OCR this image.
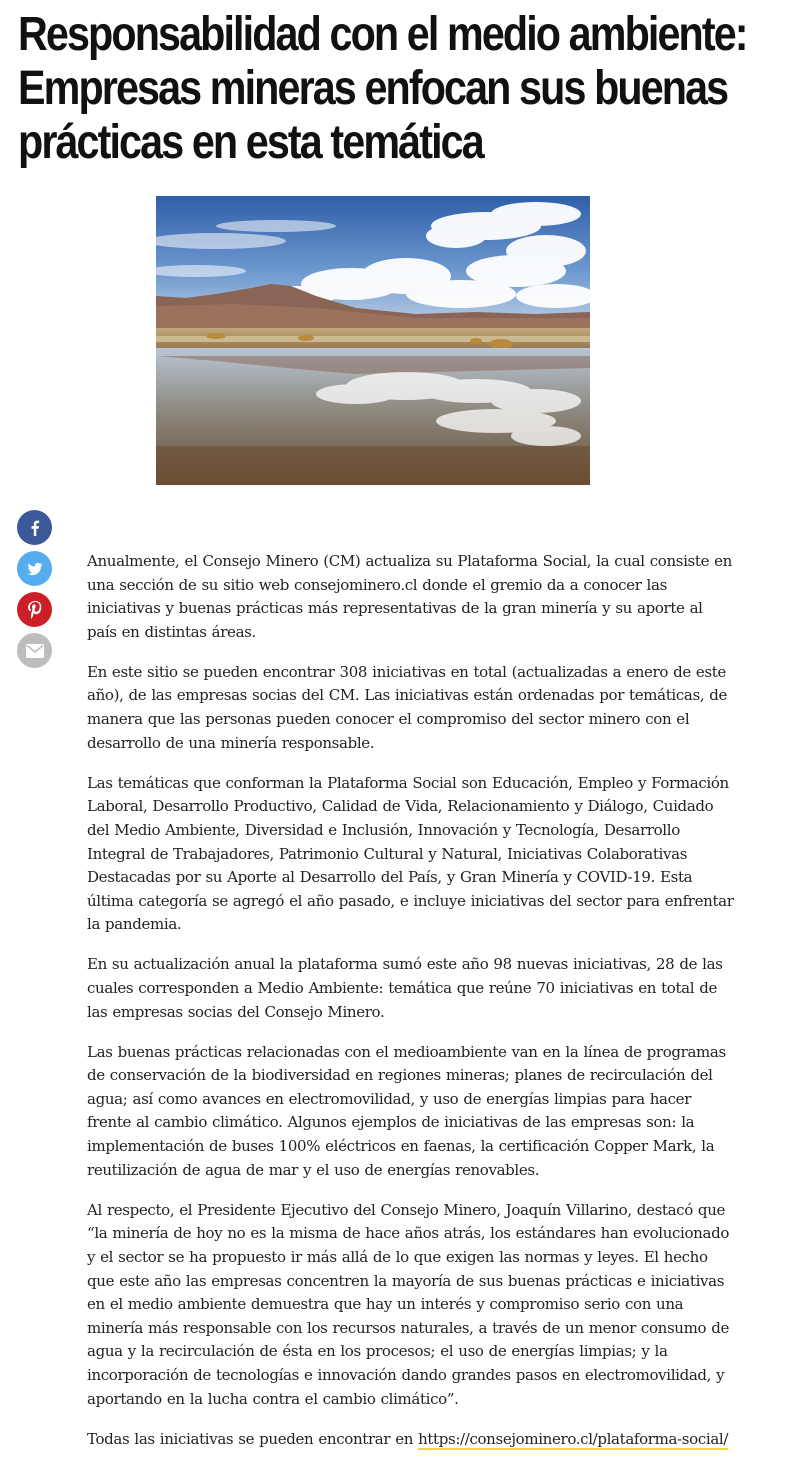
Responsabilidad con el medio ambiente:
Empresas mineras enfocan sus buenas
prácticas en esta temática

Anualmente, el Consejo Minero (CM) actualiza su Plataforma Social, la cual consiste en una sección de su sitio web consejominero.cl donde el gremio da a conocer las iniciativas y buenas prácticas más representativas de la gran minería y su aporte al país en distintas áreas.

En este sitio se pueden encontrar 308 iniciativas en total (actualizadas a enero de este año), de las empresas socias del CM. Las iniciativas están ordenadas por temáticas, de manera que las personas pueden conocer el compromiso del sector minero con el desarrollo de una minería responsable.

Las temáticas que conforman la Plataforma Social son Educación, Empleo y Formación Laboral, Desarrollo Productivo, Calidad de Vida, Relacionamiento y Diálogo, Cuidado del Medio Ambiente, Diversidad e Inclusión, Innovación y Tecnología, Desarrollo Integral de Trabajadores, Patrimonio Cultural y Natural, Iniciativas Colaborativas Destacadas por su Aporte al Desarrollo del País, y Gran Minería y COVID-19. Esta última categoría se agregó el año pasado, e incluye iniciativas del sector para enfrentar la pandemia.

En su actualización anual la plataforma sumó este año 98 nuevas iniciativas, 28 de las cuales corresponden a Medio Ambiente: temática que reúne 70 iniciativas en total de las empresas socias del Consejo Minero.

Las buenas prácticas relacionadas con el medioambiente van en la línea de programas de conservación de la biodiversidad en regiones mineras; planes de recirculación del agua; así como avances en electromovilidad, y uso de energías limpias para hacer frente al cambio climático. Algunos ejemplos de iniciativas de las empresas son: la implementación de buses 100% eléctricos en faenas, la certificación Copper Mark, la reutilización de agua de mar y el uso de energías renovables.

Al respecto, el Presidente Ejecutivo del Consejo Minero, Joaquín Villarino, destacó que “la minería de hoy no es la misma de hace años atrás, los estándares han evolucionado y el sector se ha propuesto ir más allá de lo que exigen las normas y leyes. El hecho que este año las empresas concentren la mayoría de sus buenas prácticas e iniciativas en el medio ambiente demuestra que hay un interés y compromiso serio con una minería más responsable con los recursos naturales, a través de un menor consumo de agua y la recirculación de ésta en los procesos; el uso de energías limpias; y la incorporación de tecnologías e innovación dando grandes pasos en electromovilidad, y aportando en la lucha contra el cambio climático”.

Todas las iniciativas se pueden encontrar en https://consejominero.cl/plataforma-social/
